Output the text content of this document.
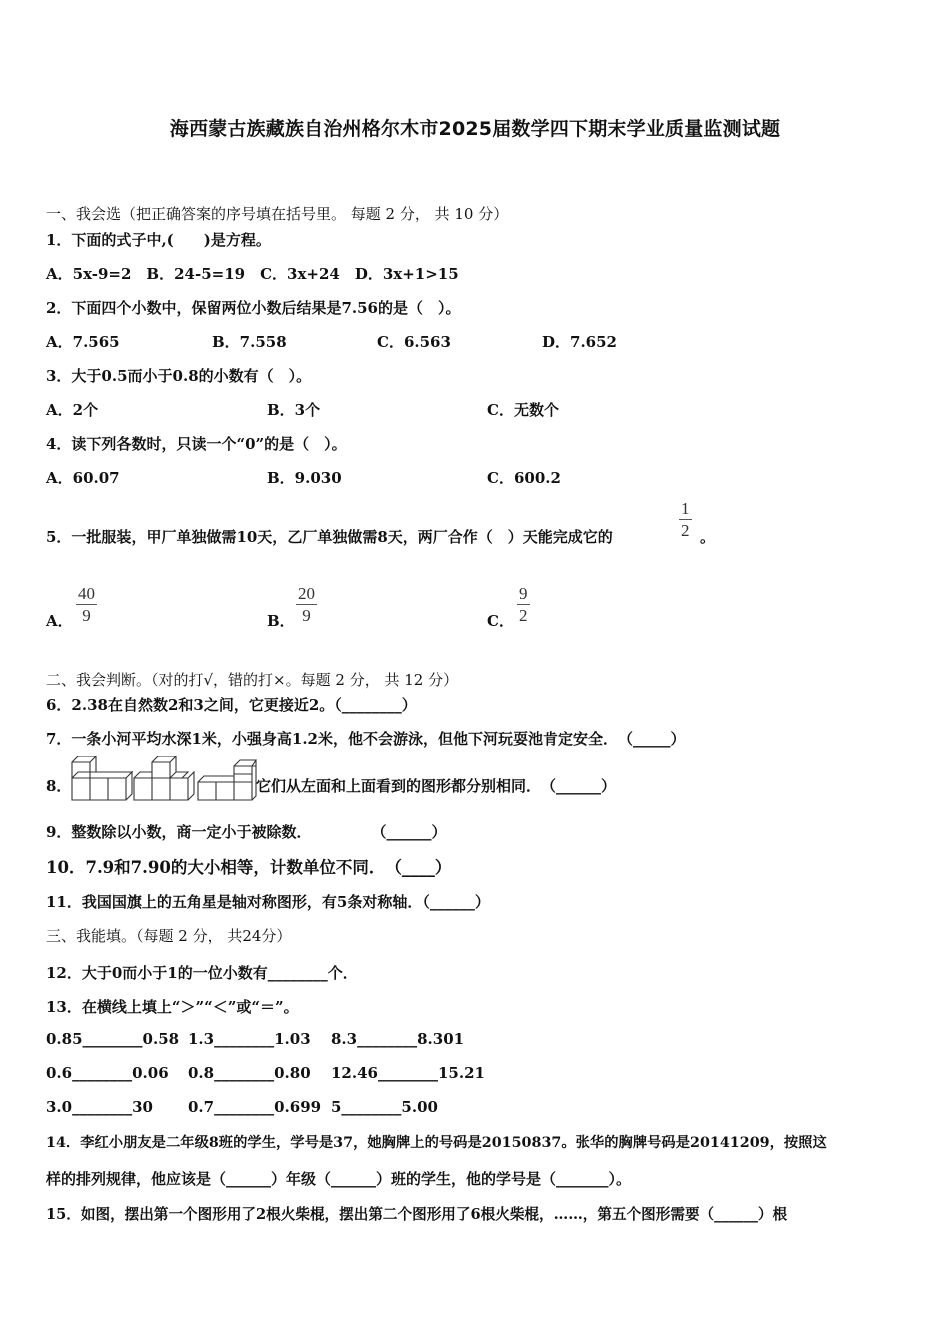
海西蒙古族藏族自治州格尔木市2025届数学四下期末学业质量监测试题
一、我会选（把正确答案的序号填在括号里。 每题 2 分， 共 10 分）
1．下面的式子中,(　　)是方程。
A．5x-9=2　B．24-5=19　C．3x+24　D．3x+1>15
2．下面四个小数中，保留两位小数后结果是7.56的是（　）。
A．7.565	B．7.558	C．6.563	D．7.652
3．大于0.5而小于0.8的小数有（　）。
A．2个	B．3个	C．无数个
4．读下列各数时，只读一个“0”的是（　）。
A．60.07	B．9.030	C．600.2
5．一批服装，甲厂单独做需10天，乙厂单独做需8天，两厂合作（　）天能完成它的
1
2 。
A．
40
9	B．
20
9	C．
9
2
二、我会判断。（对的打√，错的打×。每题 2 分， 共 12 分）
6．2.38在自然数2和3之间，它更接近2。（________）
7．一条小河平均水深1米，小强身高1.2米，他不会游泳，但他下河玩耍池肯定安全．　（_____）
8．	它们从左面和上面看到的图形都分别相同．　（______）
9．整数除以小数，商一定小于被除数．　　　　　（______）
10．7.9和7.90的大小相等，计数单位不同．　（____）
11．我国国旗上的五角星是轴对称图形，有5条对称轴．（______）
三、我能填。（每题 2 分， 共24分）
12．大于0而小于1的一位小数有________个．
13．在横线上填上“＞”“＜”或“＝”。
0.85________0.58 1.3________1.03 8.3________8.301
0.6________0.06 0.8________0.80 12.46________15.21
3.0________30 0.7________0.699 5________5.00
14．李红小朋友是二年级8班的学生，学号是37，她胸牌上的号码是20150837。张华的胸牌号码是20141209，按照这
样的排列规律，他应该是（______）年级（______）班的学生，他的学号是（_______）。
15．如图，摆出第一个图形用了2根火柴棍，摆出第二个图形用了6根火柴棍，……，第五个图形需要（______）根
